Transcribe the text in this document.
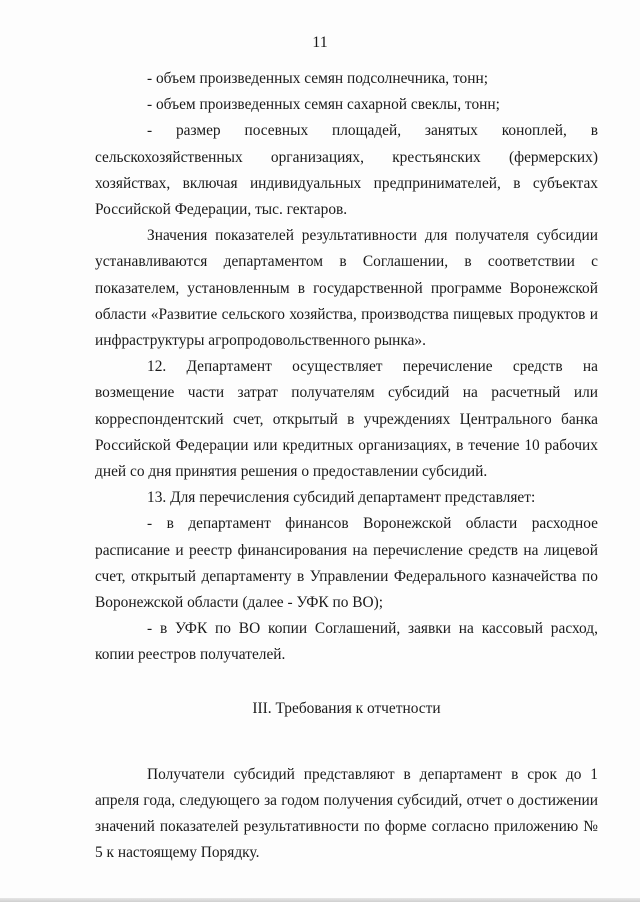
11

- объем произведенных семян подсолнечника, тонн;

- объем произведенных семян сахарной свеклы, тонн;

-   размер   посевных   площадей,   занятых   коноплей,   в

сельскохозяйственных организациях, крестьянских (фермерских) хозяйствах, включая индивидуальных предпринимателей, в субъектах Российской Федерации, тыс. гектаров.

Значения показателей результативности для получателя субсидии устанавливаются департаментом в Соглашении, в соответствии с показателем, установленным в государственной программе Воронежской области «Развитие сельского хозяйства, производства пищевых продуктов и инфраструктуры агропродовольственного рынка».

12. Департамент осуществляет перечисление средств на возмещение части затрат получателям субсидий на расчетный или корреспондентский счет, открытый в учреждениях Центрального банка Российской Федерации или кредитных организациях, в течение 10 рабочих дней со дня принятия решения о предоставлении субсидий.

13. Для перечисления субсидий департамент представляет:

- в департамент финансов Воронежской области расходное расписание и реестр финансирования на перечисление средств на лицевой счет, открытый департаменту в Управлении Федерального казначейства по Воронежской области (далее - УФК по ВО);

- в УФК по ВО копии Соглашений, заявки на кассовый расход, копии реестров получателей.

III. Требования к отчетности

Получатели субсидий представляют в департамент в срок до 1 апреля года, следующего за годом получения субсидий, отчет о достижении значений показателей результативности по форме согласно приложению № 5 к настоящему Порядку.
